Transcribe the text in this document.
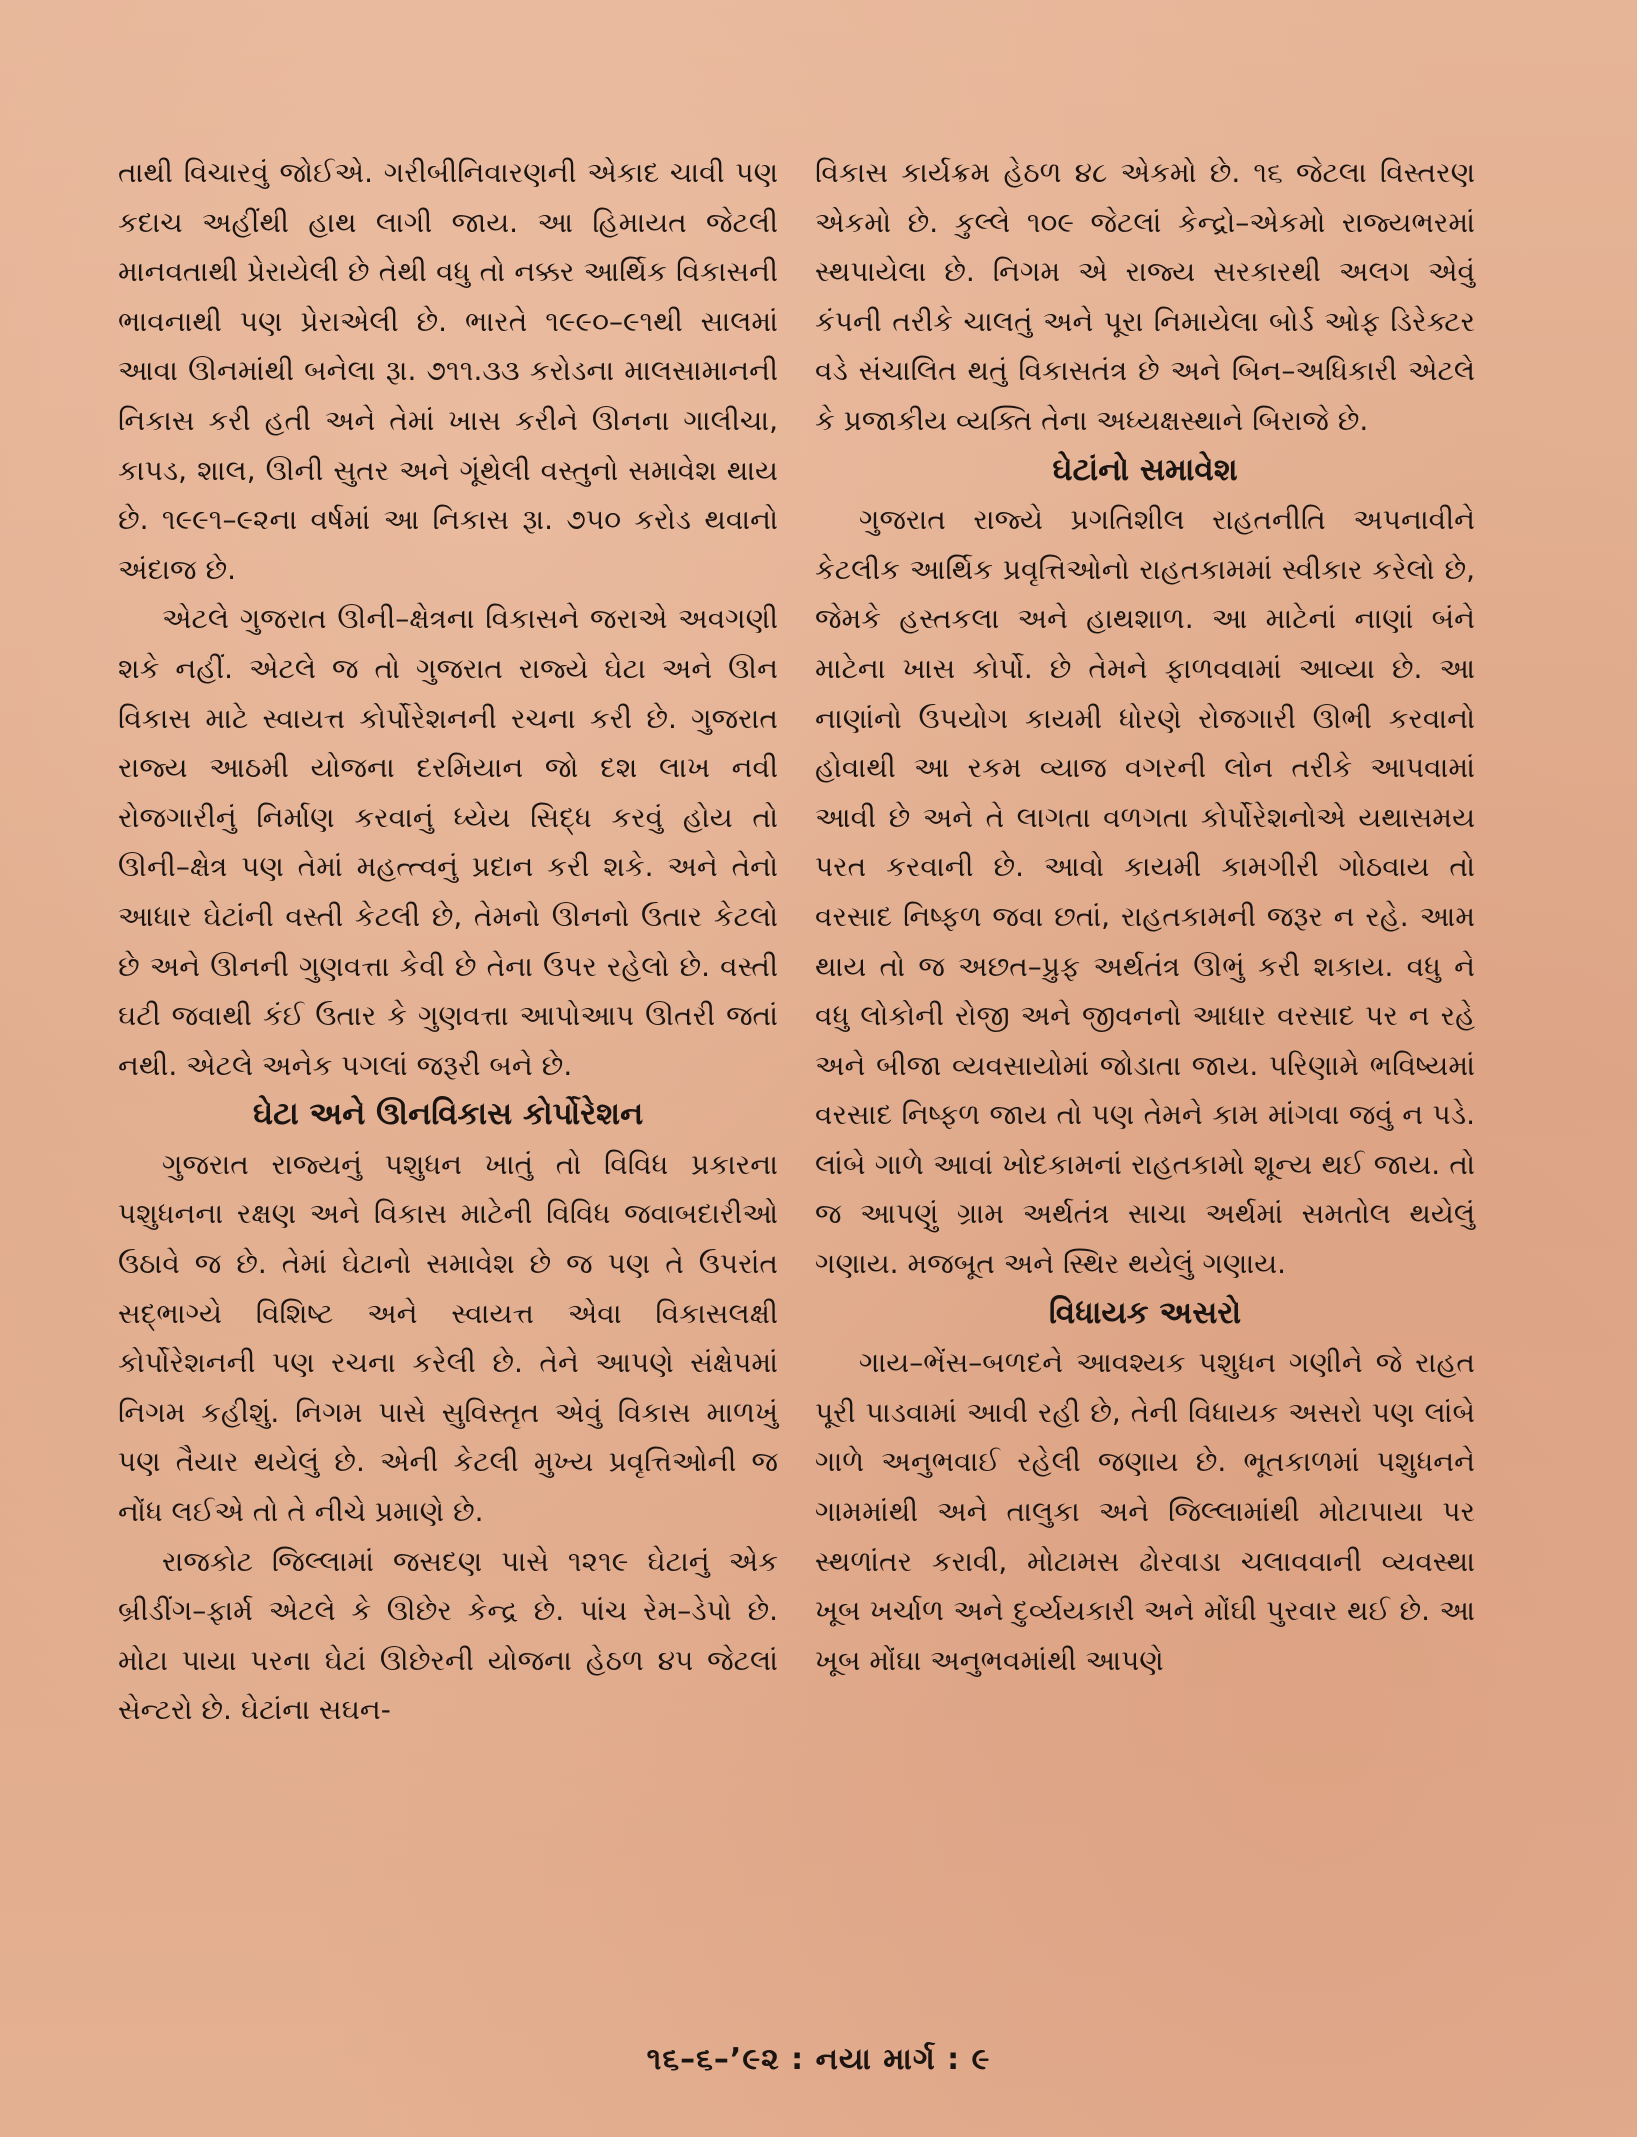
તાથી વિચારવું જોઈએ. ગરીબીનિવારણની એકાદ ચાવી પણ કદાચ અહીંથી હાથ લાગી જાય. આ હિમાયત જેટલી માનવતાથી પ્રેરાયેલી છે તેથી વધુ તો નક્કર આર્થિક વિકાસની ભાવનાથી પણ પ્રેરાએલી છે. ભારતે ૧૯૯૦–૯૧થી સાલમાં આવા ઊનમાંથી બનેલા રૂા. ૭૧૧.૩૩ કરોડના માલસામાનની નિકાસ કરી હતી અને તેમાં ખાસ કરીને ઊનના ગાલીચા, કાપડ, શાલ, ઊની સુતર અને ગૂંથેલી વસ્તુનો સમાવેશ થાય છે. ૧૯૯૧–૯૨ના વર્ષમાં આ નિકાસ રૂા. ૭૫૦ કરોડ થવાનો અંદાજ છે.

એટલે ગુજરાત ઊની–ક્ષેત્રના વિકાસને જરાએ અવગણી શકે નહીં. એટલે જ તો ગુજરાત રાજ્યે ઘેટા અને ઊન વિકાસ માટે સ્વાયત્ત કોર્પોરેશનની રચના કરી છે. ગુજરાત રાજ્ય આઠમી યોજના દરમિયાન જો દશ લાખ નવી રોજગારીનું નિર્માણ કરવાનું ધ્યેય સિદ્ધ કરવું હોય તો ઊની–ક્ષેત્ર પણ તેમાં મહત્ત્વનું પ્રદાન કરી શકે. અને તેનો આધાર ઘેટાંની વસ્તી કેટલી છે, તેમનો ઊનનો ઉતાર કેટલો છે અને ઊનની ગુણવત્તા કેવી છે તેના ઉપર રહેલો છે. વસ્તી ઘટી જવાથી કંઈ ઉતાર કે ગુણવત્તા આપોઆપ ઊતરી જતાં નથી. એટલે અનેક પગલાં જરૂરી બને છે.

ઘેટા અને ઊનવિકાસ કોર્પોરેશન

ગુજરાત રાજ્યનું પશુધન ખાતું તો વિવિધ પ્રકારના પશુધનના રક્ષણ અને વિકાસ માટેની વિવિધ જવાબદારીઓ ઉઠાવે જ છે. તેમાં ઘેટાનો સમાવેશ છે જ પણ તે ઉપરાંત સદ્ભાગ્યે વિશિષ્ટ અને સ્વાયત્ત એવા વિકાસલક્ષી કોર્પોરેશનની પણ રચના કરેલી છે. તેને આપણે સંક્ષેપમાં નિગમ કહીશું. નિગમ પાસે સુવિસ્તૃત એવું વિકાસ માળખું પણ તૈયાર થયેલું છે. એની કેટલી મુખ્ય પ્રવૃત્તિઓની જ નોંધ લઈએ તો તે નીચે પ્રમાણે છે.

રાજકોટ જિલ્લામાં જસદણ પાસે ૧૨૧૯ ઘેટાનું એક બ્રીડીંગ–ફાર્મ એટલે કે ઊછેર કેન્દ્ર છે. પાંચ રેમ–ડેપો છે. મોટા પાયા પરના ઘેટાં ઊછેરની યોજના હેઠળ ૪૫ જેટલાં સેન્ટરો છે. ઘેટાંના સઘન-

વિકાસ કાર્યક્રમ હેઠળ ૪૮ એકમો છે. ૧૬ જેટલા વિસ્તરણ એકમો છે. કુલ્લે ૧૦૯ જેટલાં કેન્દ્રો–એકમો રાજ્યભરમાં સ્થપાયેલા છે. નિગમ એ રાજ્ય સરકારથી અલગ એવું કંપની તરીકે ચાલતું અને પૂરા નિમાયેલા બોર્ડ ઓફ ડિરેક્ટર વડે સંચાલિત થતું વિકાસતંત્ર છે અને બિન–અધિકારી એટલે કે પ્રજાકીય વ્યક્તિ તેના અધ્યક્ષસ્થાને બિરાજે છે.

ઘેટાંનો સમાવેશ

ગુજરાત રાજ્યે પ્રગતિશીલ રાહતનીતિ અપનાવીને કેટલીક આર્થિક પ્રવૃત્તિઓનો રાહતકામમાં સ્વીકાર કરેલો છે, જેમકે હસ્તકલા અને હાથશાળ. આ માટેનાં નાણાં બંને માટેના ખાસ કોર્પો. છે તેમને ફાળવવામાં આવ્યા છે. આ નાણાંનો ઉપયોગ કાયમી ધોરણે રોજગારી ઊભી કરવાનો હોવાથી આ રકમ વ્યાજ વગરની લોન તરીકે આપવામાં આવી છે અને તે લાગતા વળગતા કોર્પોરેશનોએ યથાસમય પરત કરવાની છે. આવો કાયમી કામગીરી ગોઠવાય તો વરસાદ નિષ્ફળ જવા છતાં, રાહતકામની જરૂર ન રહે. આમ થાય તો જ અછત–પ્રુફ અર્થતંત્ર ઊભું કરી શકાય. વધુ ને વધુ લોકોની રોજી અને જીવનનો આધાર વરસાદ પર ન રહે અને બીજા વ્યવસાયોમાં જોડાતા જાય. પરિણામે ભવિષ્યમાં વરસાદ નિષ્ફળ જાય તો પણ તેમને કામ માંગવા જવું ન પડે. લાંબે ગાળે આવાં ખોદકામનાં રાહતકામો શૂન્ય થઈ જાય. તો જ આપણું ગ્રામ અર્થતંત્ર સાચા અર્થમાં સમતોલ થયેલું ગણાય. મજબૂત અને સ્થિર થયેલું ગણાય.

વિધાયક અસરો

ગાય–ભેંસ–બળદને આવશ્યક પશુધન ગણીને જે રાહત પૂરી પાડવામાં આવી રહી છે, તેની વિધાયક અસરો પણ લાંબે ગાળે અનુભવાઈ રહેલી જણાય છે. ભૂતકાળમાં પશુધનને ગામમાંથી અને તાલુકા અને જિલ્લામાંથી મોટાપાયા પર સ્થળાંતર કરાવી, મોટામસ ઢોરવાડા ચલાવવાની વ્યવસ્થા ખૂબ ખર્ચાળ અને દુર્વ્યયકારી અને મોંઘી પુરવાર થઈ છે. આ ખૂબ મોંઘા અનુભવમાંથી આપણે

૧૬–૬–’૯૨ : નયા માર્ગ : ૯
